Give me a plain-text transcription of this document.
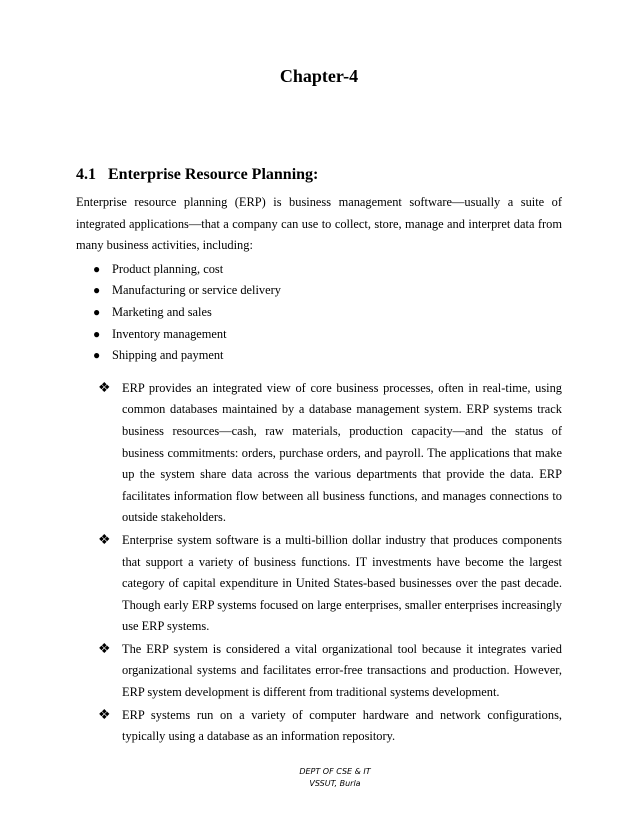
Chapter-4
4.1 Enterprise Resource Planning:

Enterprise resource planning (ERP) is business management software—usually a suite of integrated applications—that a company can use to collect, store, manage and interpret data from many business activities, including:

● Product planning, cost
● Manufacturing or service delivery
● Marketing and sales
● Inventory management
● Shipping and payment
❖ ERP provides an integrated view of core business processes, often in real-time, using common databases maintained by a database management system. ERP systems track business resources—cash, raw materials, production capacity—and the status of business commitments: orders, purchase orders, and payroll. The applications that make up the system share data across the various departments that provide the data. ERP facilitates information flow between all business functions, and manages connections to outside stakeholders.
❖ Enterprise system software is a multi-billion dollar industry that produces components that support a variety of business functions. IT investments have become the largest category of capital expenditure in United States-based businesses over the past decade. Though early ERP systems focused on large enterprises, smaller enterprises increasingly use ERP systems.
❖ The ERP system is considered a vital organizational tool because it integrates varied organizational systems and facilitates error-free transactions and production. However, ERP system development is different from traditional systems development.
❖ ERP systems run on a variety of computer hardware and network configurations, typically using a database as an information repository.
DEPT OF CSE & IT
VSSUT, Burla
